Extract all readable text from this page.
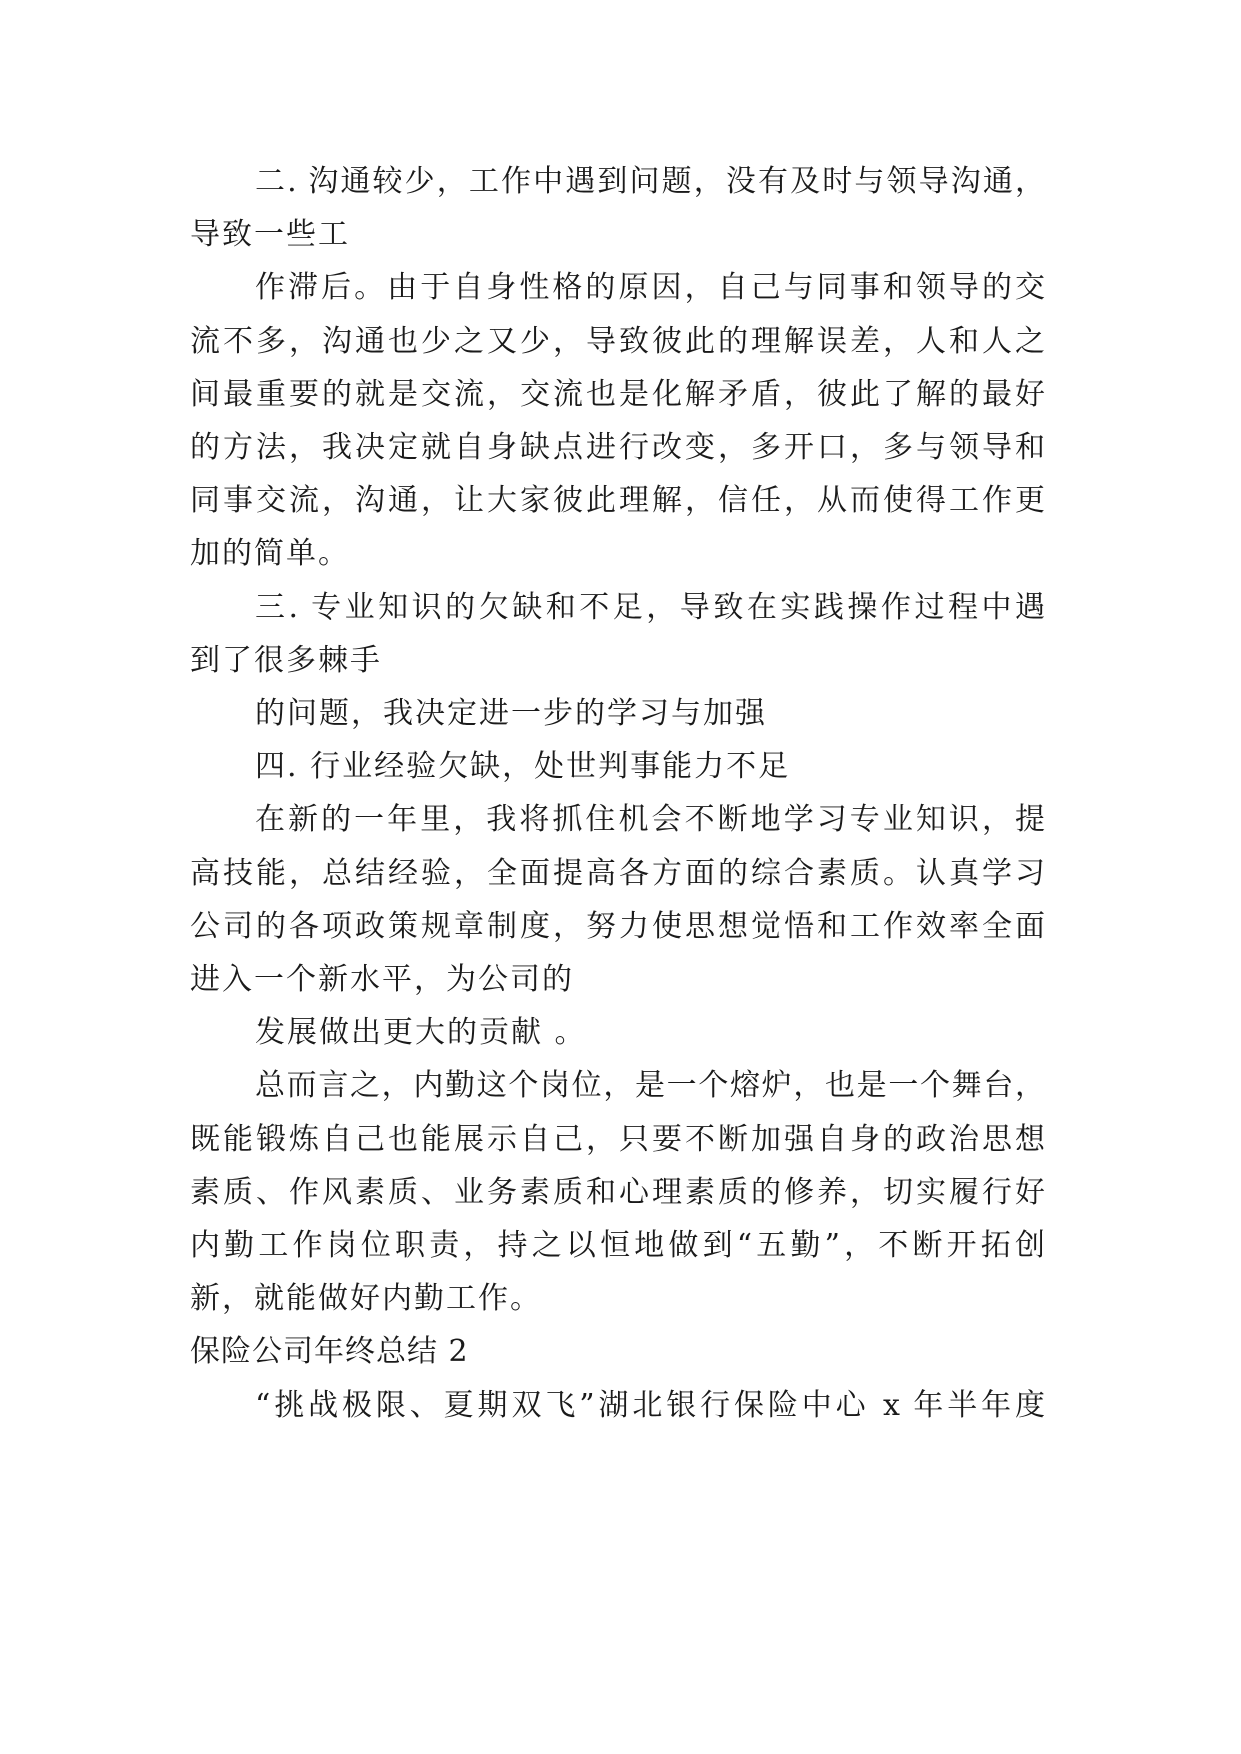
二. 沟通较少，工作中遇到问题，没有及时与领导沟通，
导致一些工
作滞后。由于自身性格的原因，自己与同事和领导的交
流不多，沟通也少之又少，导致彼此的理解误差，人和人之
间最重要的就是交流，交流也是化解矛盾，彼此了解的最好
的方法，我决定就自身缺点进行改变，多开口，多与领导和
同事交流，沟通，让大家彼此理解，信任，从而使得工作更
加的简单。
三. 专业知识的欠缺和不足，导致在实践操作过程中遇
到了很多棘手
的问题，我决定进一步的学习与加强
四. 行业经验欠缺，处世判事能力不足
在新的一年里，我将抓住机会不断地学习专业知识，提
高技能，总结经验，全面提高各方面的综合素质。认真学习
公司的各项政策规章制度，努力使思想觉悟和工作效率全面
进入一个新水平，为公司的
发展做出更大的贡献 。
总而言之，内勤这个岗位，是一个熔炉，也是一个舞台，
既能锻炼自己也能展示自己，只要不断加强自身的政治思想
素质、作风素质、业务素质和心理素质的修养，切实履行好
内勤工作岗位职责，持之以恒地做到“五勤”，不断开拓创
新，就能做好内勤工作。
保险公司年终总结 2
“挑战极限、夏期双飞”湖北银行保险中心 x 年半年度
